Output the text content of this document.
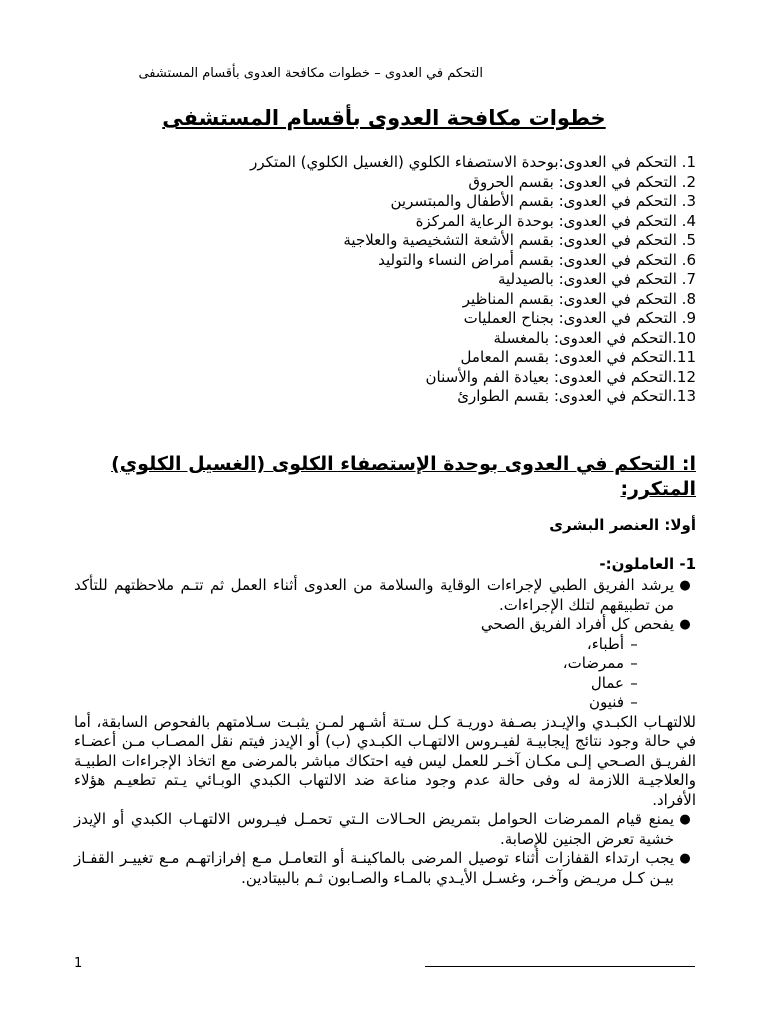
التحكم في العدوى – خطوات مكافحة العدوى بأقسام المستشفى
خطوات مكافحة العدوى بأقسام المستشفى
1. التحكم في العدوى:بوحدة الاستصفاء الكلوي (الغسيل الكلوي) المتكرر
2. التحكم في العدوى: بقسم الحروق
3. التحكم في العدوى: بقسم الأطفال والمبتسرين
4. التحكم في العدوى: بوحدة الرعاية المركزة
5. التحكم في العدوى: بقسم الأشعة التشخيصية والعلاجية
6. التحكم في العدوى: بقسم أمراض النساء والتوليد
7. التحكم في العدوى: بالصيدلية
8. التحكم في العدوى: بقسم المناظير
9. التحكم في العدوى: بجناح العمليات
10.التحكم في العدوى: بالمغسلة
11.التحكم في العدوى: بقسم المعامل
12.التحكم في العدوى: بعيادة الفم والأسنان
13.التحكم في العدوى: بقسم الطوارئ
ا: التحكم في العدوى بوحدة الإستصفاء الكلوى (الغسيل الكلوي) المتكرر:
أولا: العنصر البشرى
1- العاملون:-
●
يرشد الفريق الطبي لإجراءات الوقاية والسلامة من العدوى أثناء العمل ثم تتـم ملاحظتهم للتأكد من تطبيقهم لتلك الإجراءات.
●
يفحص كل أفراد الفريق الصحي
–أطباء،
–ممرضات،
–عمال
–فنيون
للالتهـاب الكبـدي والإيـدز بصـفة دوريـة كـل سـتة أشـهر لمـن يثبـت سـلامتهم بالفحوص السابقة، أما في حالة وجود نتائج إيجابيـة لفيـروس الالتهـاب الكبـدي (ب) أو الإيدز فيتم نقل المصـاب مـن أعضـاء الفريـق الصـحي إلـى مكـان آخـر للعمل ليس فيه احتكاك مباشر بالمرضى مع اتخاذ الإجراءات الطبيـة والعلاجيـة اللازمة له وفى حالة عدم وجود مناعة ضد الالتهاب الكبدي الوبـائي يـتم تطعيـم هؤلاء الأفراد.
●
يمنع قيام الممرضات الحوامل بتمريض الحـالات الـتي تحمـل فيـروس الالتهـاب الكبدي أو الإيدز خشية تعرض الجنين للإصابة.
●
يجب ارتداء القفازات أثناء توصيل المرضى بالماكينـة أو التعامـل مـع إفرازاتهـم مـع تغييـر القفـاز بيـن كـل مريـض وآخـر، وغسـل الأيـدي بالمـاء والصـابون ثـم بالبيتادين.
1
